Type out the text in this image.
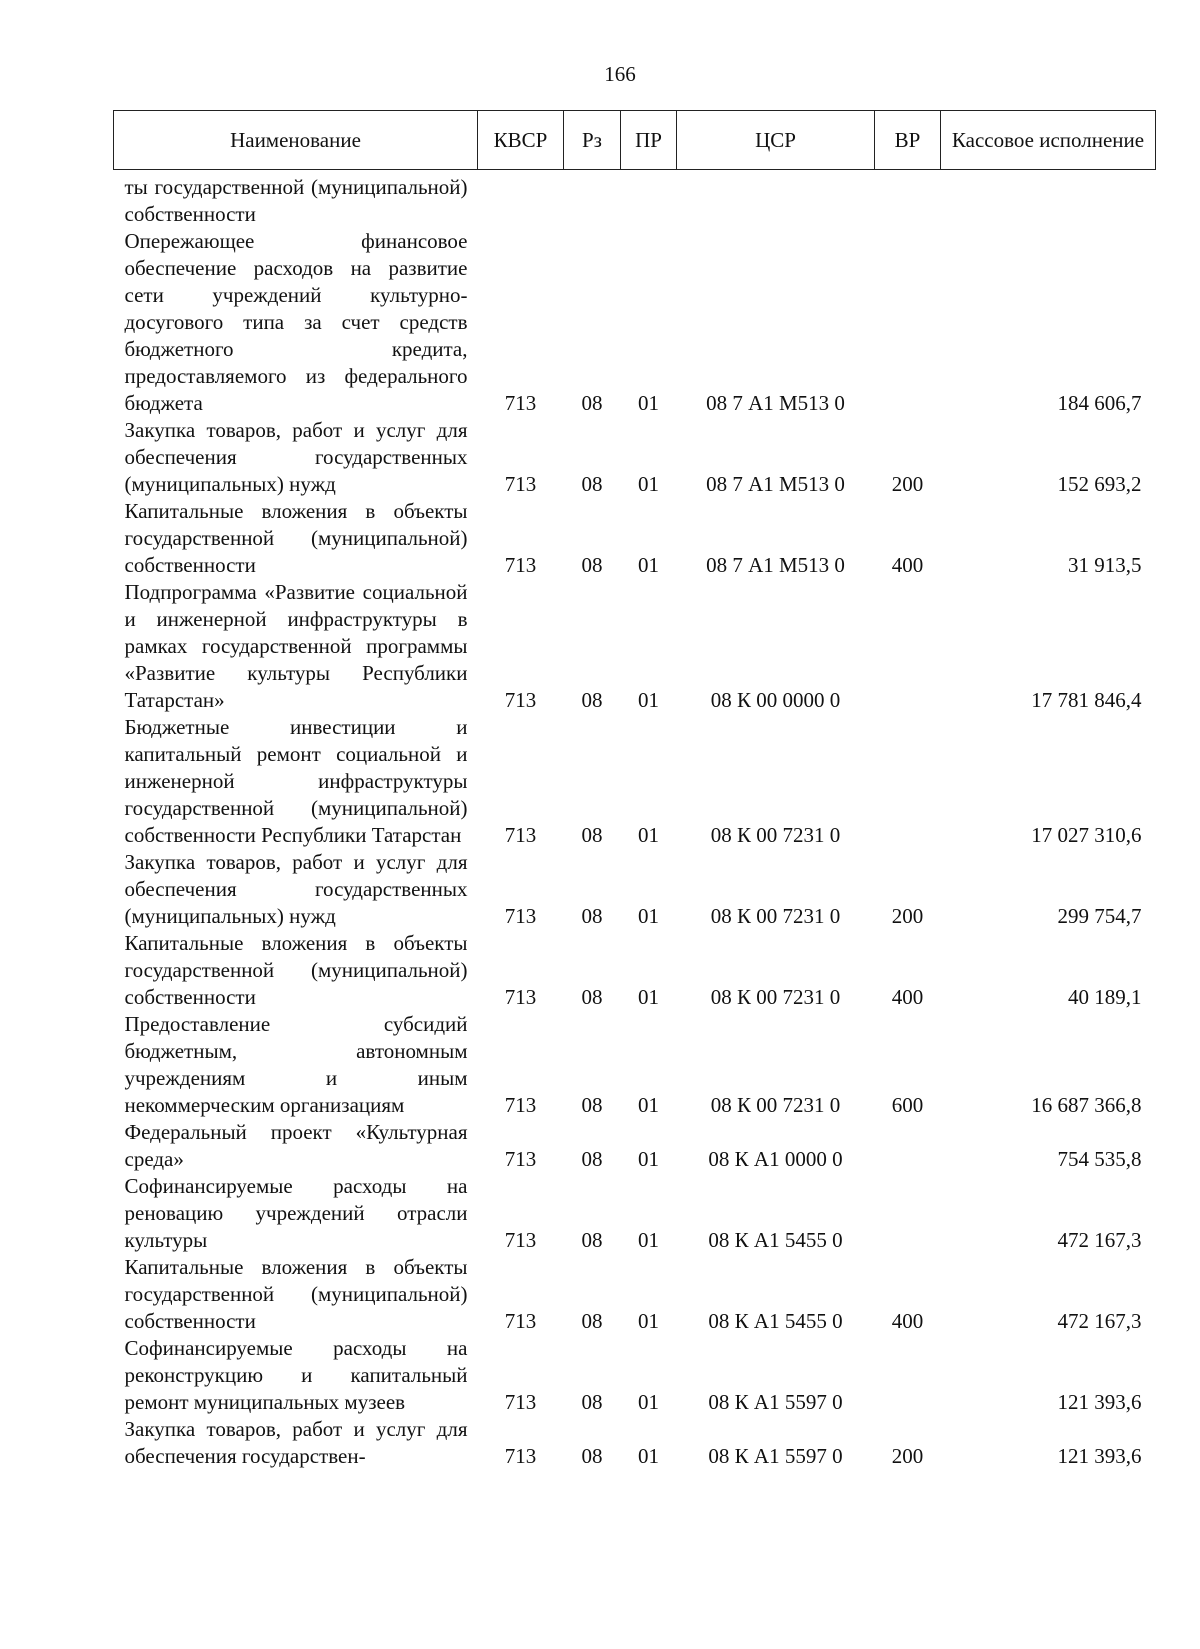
166
Наименование	КВСР	Рз	ПР	ЦСР	ВР	Кассовое исполнение
ты государственной (муниципальной) собственности						
Опережающее финансовое обеспечение расходов на развитие сети учреждений культурно-досугового типа за счет средств бюджетного кредита, предоставляемого из федерального бюджета	713	08	01	08 7 А1 М513 0		184 606,7
Закупка товаров, работ и услуг для обеспечения государственных (муниципальных) нужд	713	08	01	08 7 А1 М513 0	200	152 693,2
Капитальные вложения в объекты государственной (муниципальной) собственности	713	08	01	08 7 А1 М513 0	400	31 913,5
Подпрограмма «Развитие социальной и инженерной инфраструктуры в рамках государственной программы «Развитие культуры Республики Татарстан»	713	08	01	08 К 00 0000 0		17 781 846,4
Бюджетные инвестиции и капитальный ремонт социальной и инженерной инфраструктуры государственной (муниципальной) собственности Республики Татарстан	713	08	01	08 К 00 7231 0		17 027 310,6
Закупка товаров, работ и услуг для обеспечения государственных (муниципальных) нужд	713	08	01	08 К 00 7231 0	200	299 754,7
Капитальные вложения в объекты государственной (муниципальной) собственности	713	08	01	08 К 00 7231 0	400	40 189,1
Предоставление субсидий бюджетным, автономным учреждениям и иным некоммерческим организациям	713	08	01	08 К 00 7231 0	600	16 687 366,8
Федеральный проект «Культурная среда»	713	08	01	08 К А1 0000 0		754 535,8
Софинансируемые расходы на реновацию учреждений отрасли культуры	713	08	01	08 К А1 5455 0		472 167,3
Капитальные вложения в объекты государственной (муниципальной) собственности	713	08	01	08 К А1 5455 0	400	472 167,3
Софинансируемые расходы на реконструкцию и капитальный ремонт муниципальных музеев	713	08	01	08 К А1 5597 0		121 393,6
Закупка товаров, работ и услуг для обеспечения государствен-	713	08	01	08 К А1 5597 0	200	121 393,6
